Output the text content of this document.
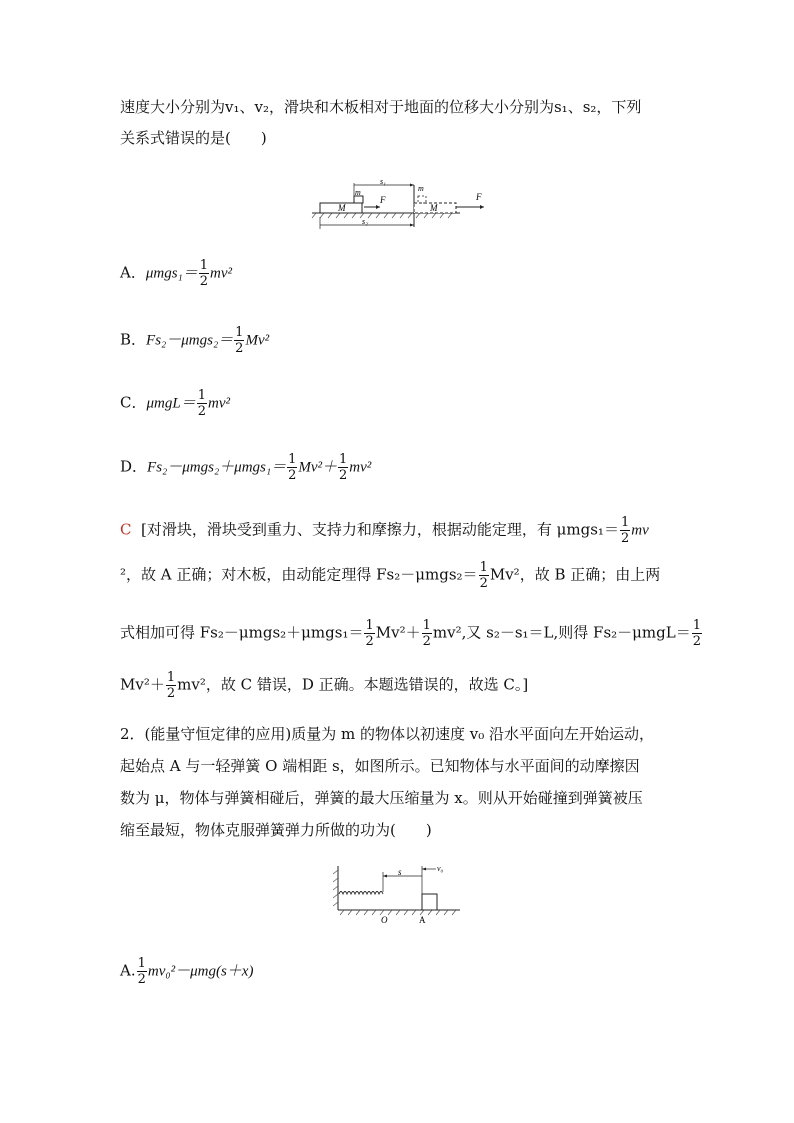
速度大小分别为v₁、v₂，滑块和木板相对于地面的位移大小分别为s₁、s₂，下列
关系式错误的是(　　)
M
m
F
M
m
F
s₁
s₂
A．$\mu mgs_1= \frac{1}{2} mv^2$
B．$Fs_2-\mu mgs_2= \frac{1}{2} Mv^2$
C．$\mu mgL= \frac{1}{2} mv^2$
D．$Fs_2-\mu mgs_2+\mu mgs_1= \frac{1}{2} Mv^2+ \frac{1}{2} mv^2$
C [对滑块，滑块受到重力、支持力和摩擦力，根据动能定理，有 $\mu mgs_1= \frac{1}{2}$ mv
²，故 A 正确；对木板，由动能定理得 $Fs_2-\mu mgs_2= \frac{1}{2} Mv^2$，故 B 正确；由上两
式相加可得 $Fs_2-\mu mgs_2+\mu mgs_1= \frac{1}{2} Mv^2+ \frac{1}{2} mv^2$,又 s₂－s₁＝L,则得 $Fs_2-\mu mgL= \frac{1}{2}$
$Mv^2+ \frac{1}{2} mv^2$，故 C 错误，D 正确。本题选错误的，故选 C。]
2．(能量守恒定律的应用)质量为 m 的物体以初速度 v₀ 沿水平面向左开始运动，
起始点 A 与一轻弹簧 O 端相距 s，如图所示。已知物体与水平面间的动摩擦因
数为 μ，物体与弹簧相碰后，弹簧的最大压缩量为 x。则从开始碰撞到弹簧被压
缩至最短，物体克服弹簧弹力所做的功为(　　)
s	v₀
O	A
A. $\frac{1}{2} mv_0^2-\mu mg(s+x)$
